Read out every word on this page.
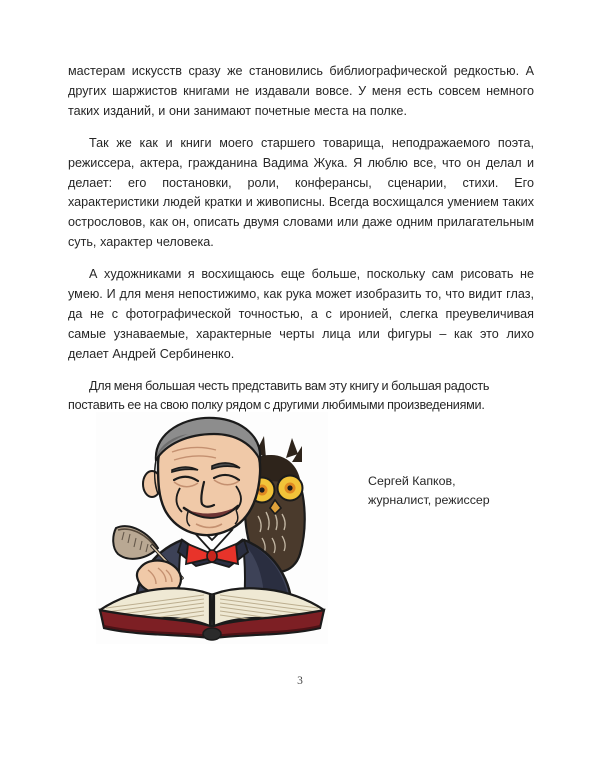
мастерам искусств сразу же становились библиографической редкостью. А других шаржистов книгами не издавали вовсе. У меня есть совсем немного таких изданий, и они занимают почетные места на полке.

Так же как и книги моего старшего товарища, неподражаемого поэта, режиссера, актера, гражданина Вадима Жука. Я люблю все, что он делал и делает: его постановки, роли, конферансы, сценарии, стихи. Его характеристики людей кратки и живописны. Всегда восхищался умением таких острословов, как он, описать двумя словами или даже одним прилагательным суть, характер человека.

А художниками я восхищаюсь еще больше, поскольку сам рисовать не умею. И для меня непостижимо, как рука может изобразить то, что видит глаз, да не с фотографической точностью, а с иронией, слегка преувеличивая самые узнаваемые, характерные черты лица или фигуры – как это лихо делает Андрей Сербиненко.

Для меня большая честь представить вам эту книгу и большая радость поставить ее на свою полку рядом с другими любимыми произведениями.

Сергей Капков,
журналист, режиссер
3
